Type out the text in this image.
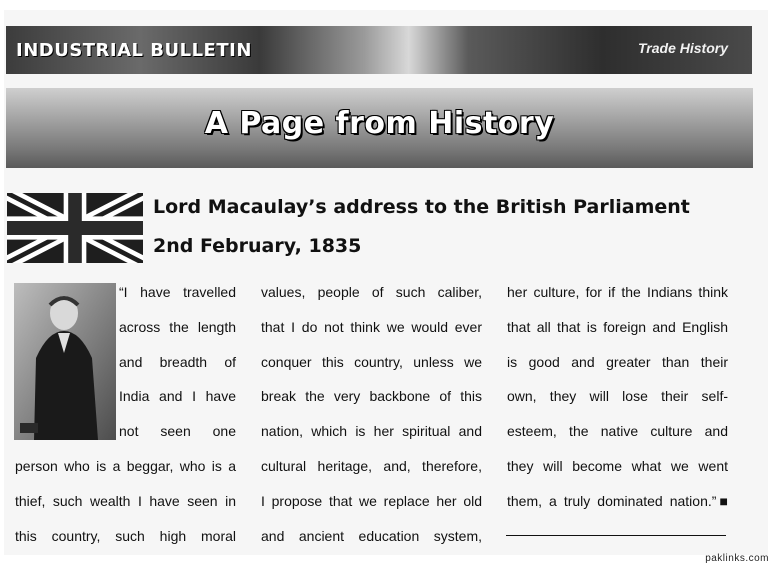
INDUSTRIAL BULLETIN	Trade History
A Page from History
Lord Macaulay’s address to the British Parliament
2nd February, 1835
“I have travelled
across the length
and breadth of
India and I have
not seen one
person who is a beggar, who is a
thief, such wealth I have seen in
this country, such high moral
values, people of such caliber,
that I do not think we would ever
conquer this country, unless we
break the very backbone of this
nation, which is her spiritual and
cultural heritage, and, therefore,
I propose that we replace her old
and ancient education system,
her culture, for if the Indians think
that all that is foreign and English
is good and greater than their
own, they will lose their self-
esteem, the native culture and
they will become what we went
them, a truly dominated nation.”■
paklinks.com
